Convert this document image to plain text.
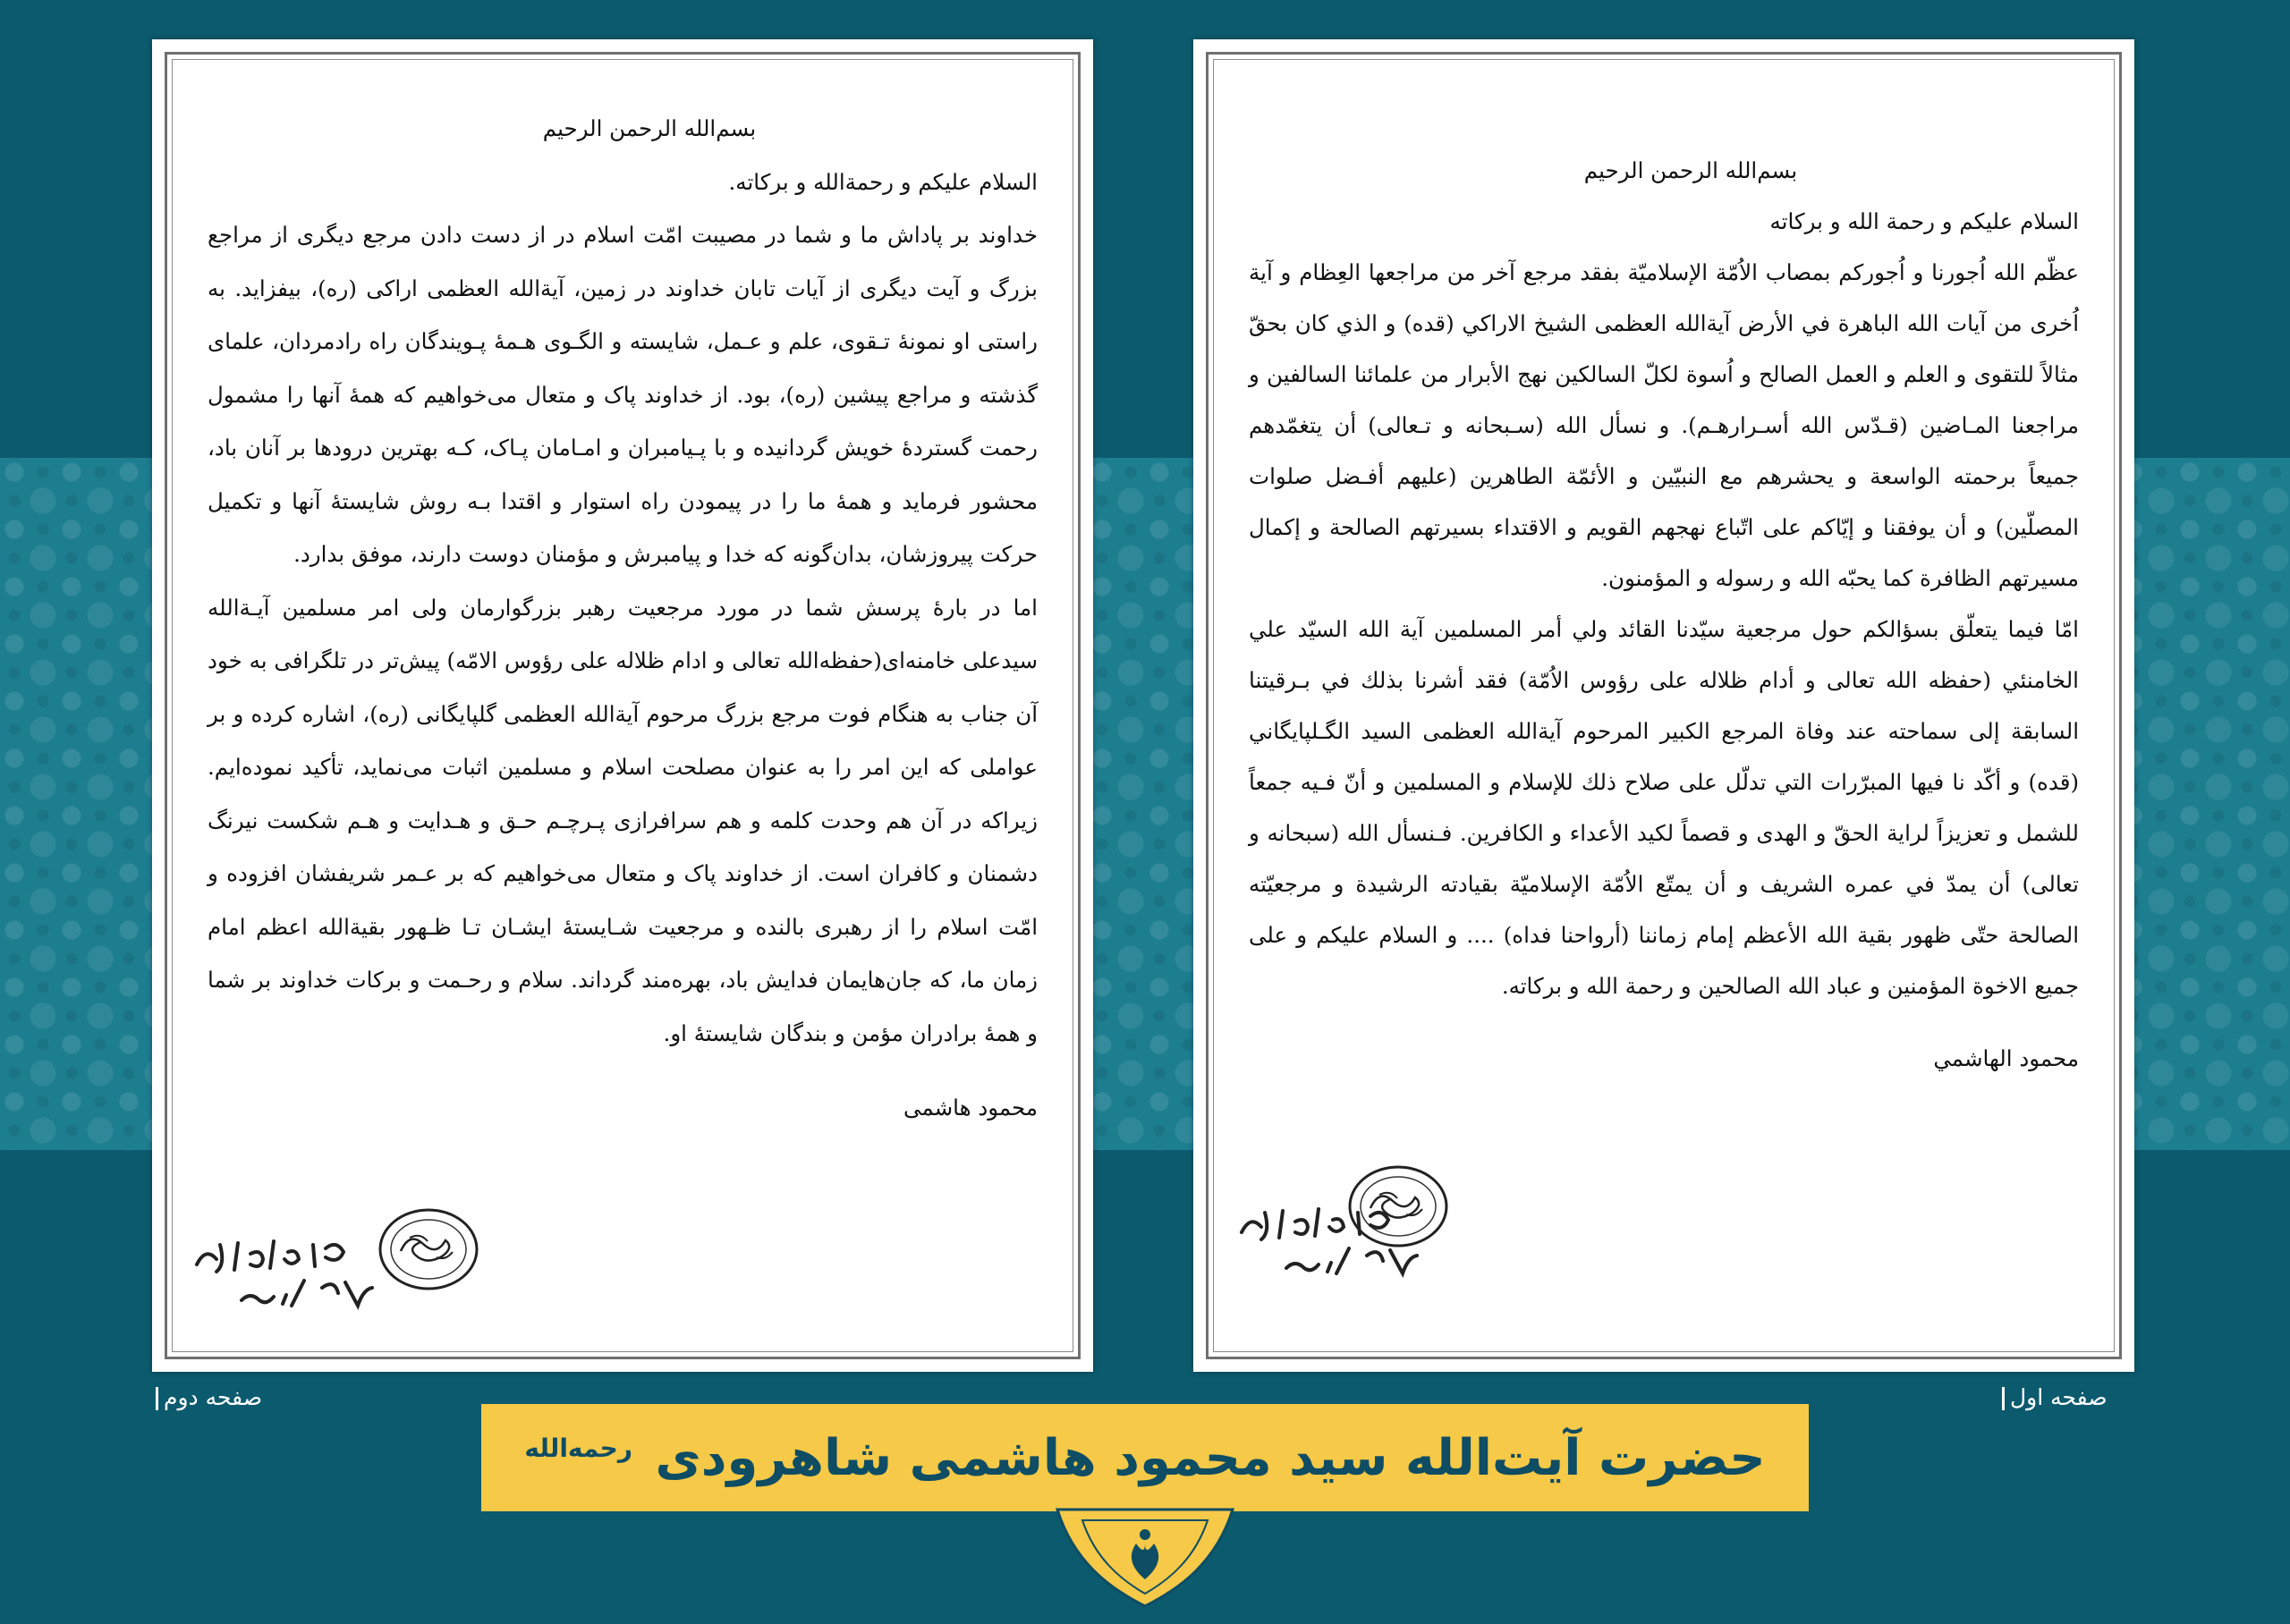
بسم‌الله الرحمن الرحیم

السلام علیکم و رحمة‌الله و برکاته.

خداوند بر پاداش ما و شما در مصیبت امّت اسلام در از دست دادن مرجع دیگری از مراجع بزرگ و آیت دیگری از آیات تابان خداوند در زمین، آیة‌الله العظمی اراکی (ره)، بیفزاید. به راستی او نمونهٔ تـقوی، علم و عـمل، شایسته و الگـوی هـمهٔ پـویندگان راه رادمردان، علمای گذشته و مراجع پیشین (ره)، بود. از خداوند پاک و متعال می‌خواهیم که همهٔ آنها را مشمول رحمت گستردهٔ خویش گردانیده و با پـیامبران و امـامان پـاک، کـه بهترین درودها بر آنان باد، محشور فرماید و همهٔ ما را در پیمودن راه استوار و اقتدا بـه روش شایستهٔ آنها و تکمیل حرکت پیروزشان، بدان‌گونه که خدا و پیامبرش و مؤمنان دوست دارند، موفق بدارد.

اما در بارهٔ پرسش شما در مورد مرجعیت رهبر بزرگوارمان ولی امر مسلمین آیـة‌الله سیدعلی خامنه‌ای(حفظه‌الله تعالی و ادام ظلاله علی رؤوس الامّه) پیش‌تر در تلگرافی به خود آن جناب به هنگام فوت مرجع بزرگ مرحوم آیة‌الله العظمی گلپایگانی (ره)، اشاره کرده و بر عواملی که این امر را به عنوان مصلحت اسلام و مسلمین اثبات می‌نماید، تأکید نموده‌ایم. زیراکه در آن هم وحدت کلمه و هم سرافرازی پـرچـم حـق و هـدایت و هـم شکست نیرنگ دشمنان و کافران است. از خداوند پاک و متعال می‌خواهیم که بر عـمر شریفشان افزوده و امّت اسلام را از رهبری بالنده و مرجعیت شـایستهٔ ایشـان تـا ظـهور بقیة‌الله اعظم امام زمان ما، که جان‌هایمان فدایش باد، بهره‌مند گرداند. سلام و رحـمت و برکات خداوند بر شما و همهٔ برادران مؤمن و بندگان شایستهٔ او.

محمود هاشمی

بسم‌الله الرحمن الرحيم

السلام عليكم و رحمة الله و بركاته

عظّم الله اُجورنا و اُجوركم بمصاب الاُمّة الإسلاميّة بفقد مرجع آخر من مراجعها العِظام و آية اُخرى من آيات الله الباهرة في الأرض آية‌الله العظمى الشيخ الاراكي (قده) و الذي كان بحقّ مثالاً للتقوى و العلم و العمل الصالح و اُسوة لكلّ السالكين نهج الأبرار من علمائنا السالفين و مراجعنا المـاضين (قـدّس الله أسـرارهـم). و نسأل الله (سـبحانه و تـعالى) أن يتغمّدهم جميعاً برحمته الواسعة و يحشرهم مع النبيّين و الأئمّة الطاهرين (عليهم أفـضل صلوات المصلّين) و أن يوفقنا و إيّاكم على اتّباع نهجهم القويم و الاقتداء بسيرتهم الصالحة و إكمال مسيرتهم الظافرة كما يحبّه الله و رسوله و المؤمنون.

امّا فيما يتعلّق بسؤالكم حول مرجعية سيّدنا القائد ولي أمر المسلمين آية الله السيّد علي الخامنئي (حفظه الله تعالى و أدام ظلاله على رؤوس الاُمّة) فقد أشرنا بذلك في بـرقيتنا السابقة إلى سماحته عند وفاة المرجع الكبير المرحوم آية‌الله العظمى السيد الگـلپايگاني (قده) و أكّد نا فيها المبرّرات التي تدلّل على صلاح ذلك للإسلام و المسلمين و أنّ فـيه جمعاً للشمل و تعزيزاً لراية الحقّ و الهدى و قصماً لكيد الأعداء و الكافرين. فـنسأل الله (سبحانه و تعالى) أن يمدّ في عمره الشريف و أن يمتّع الاُمّة الإسلاميّة بقيادته الرشيدة و مرجعيّته الصالحة حتّى ظهور بقية الله الأعظم إمام زماننا (أرواحنا فداه) .... و السلام عليكم و على جميع الاخوة المؤمنين و عباد الله الصالحين و رحمة الله و بركاته.

محمود الهاشمي

صفحه دوم	صفحه اول
حضرت آیت‌الله سید محمود هاشمی شاهرودی $^{رحمه‌الله}$
